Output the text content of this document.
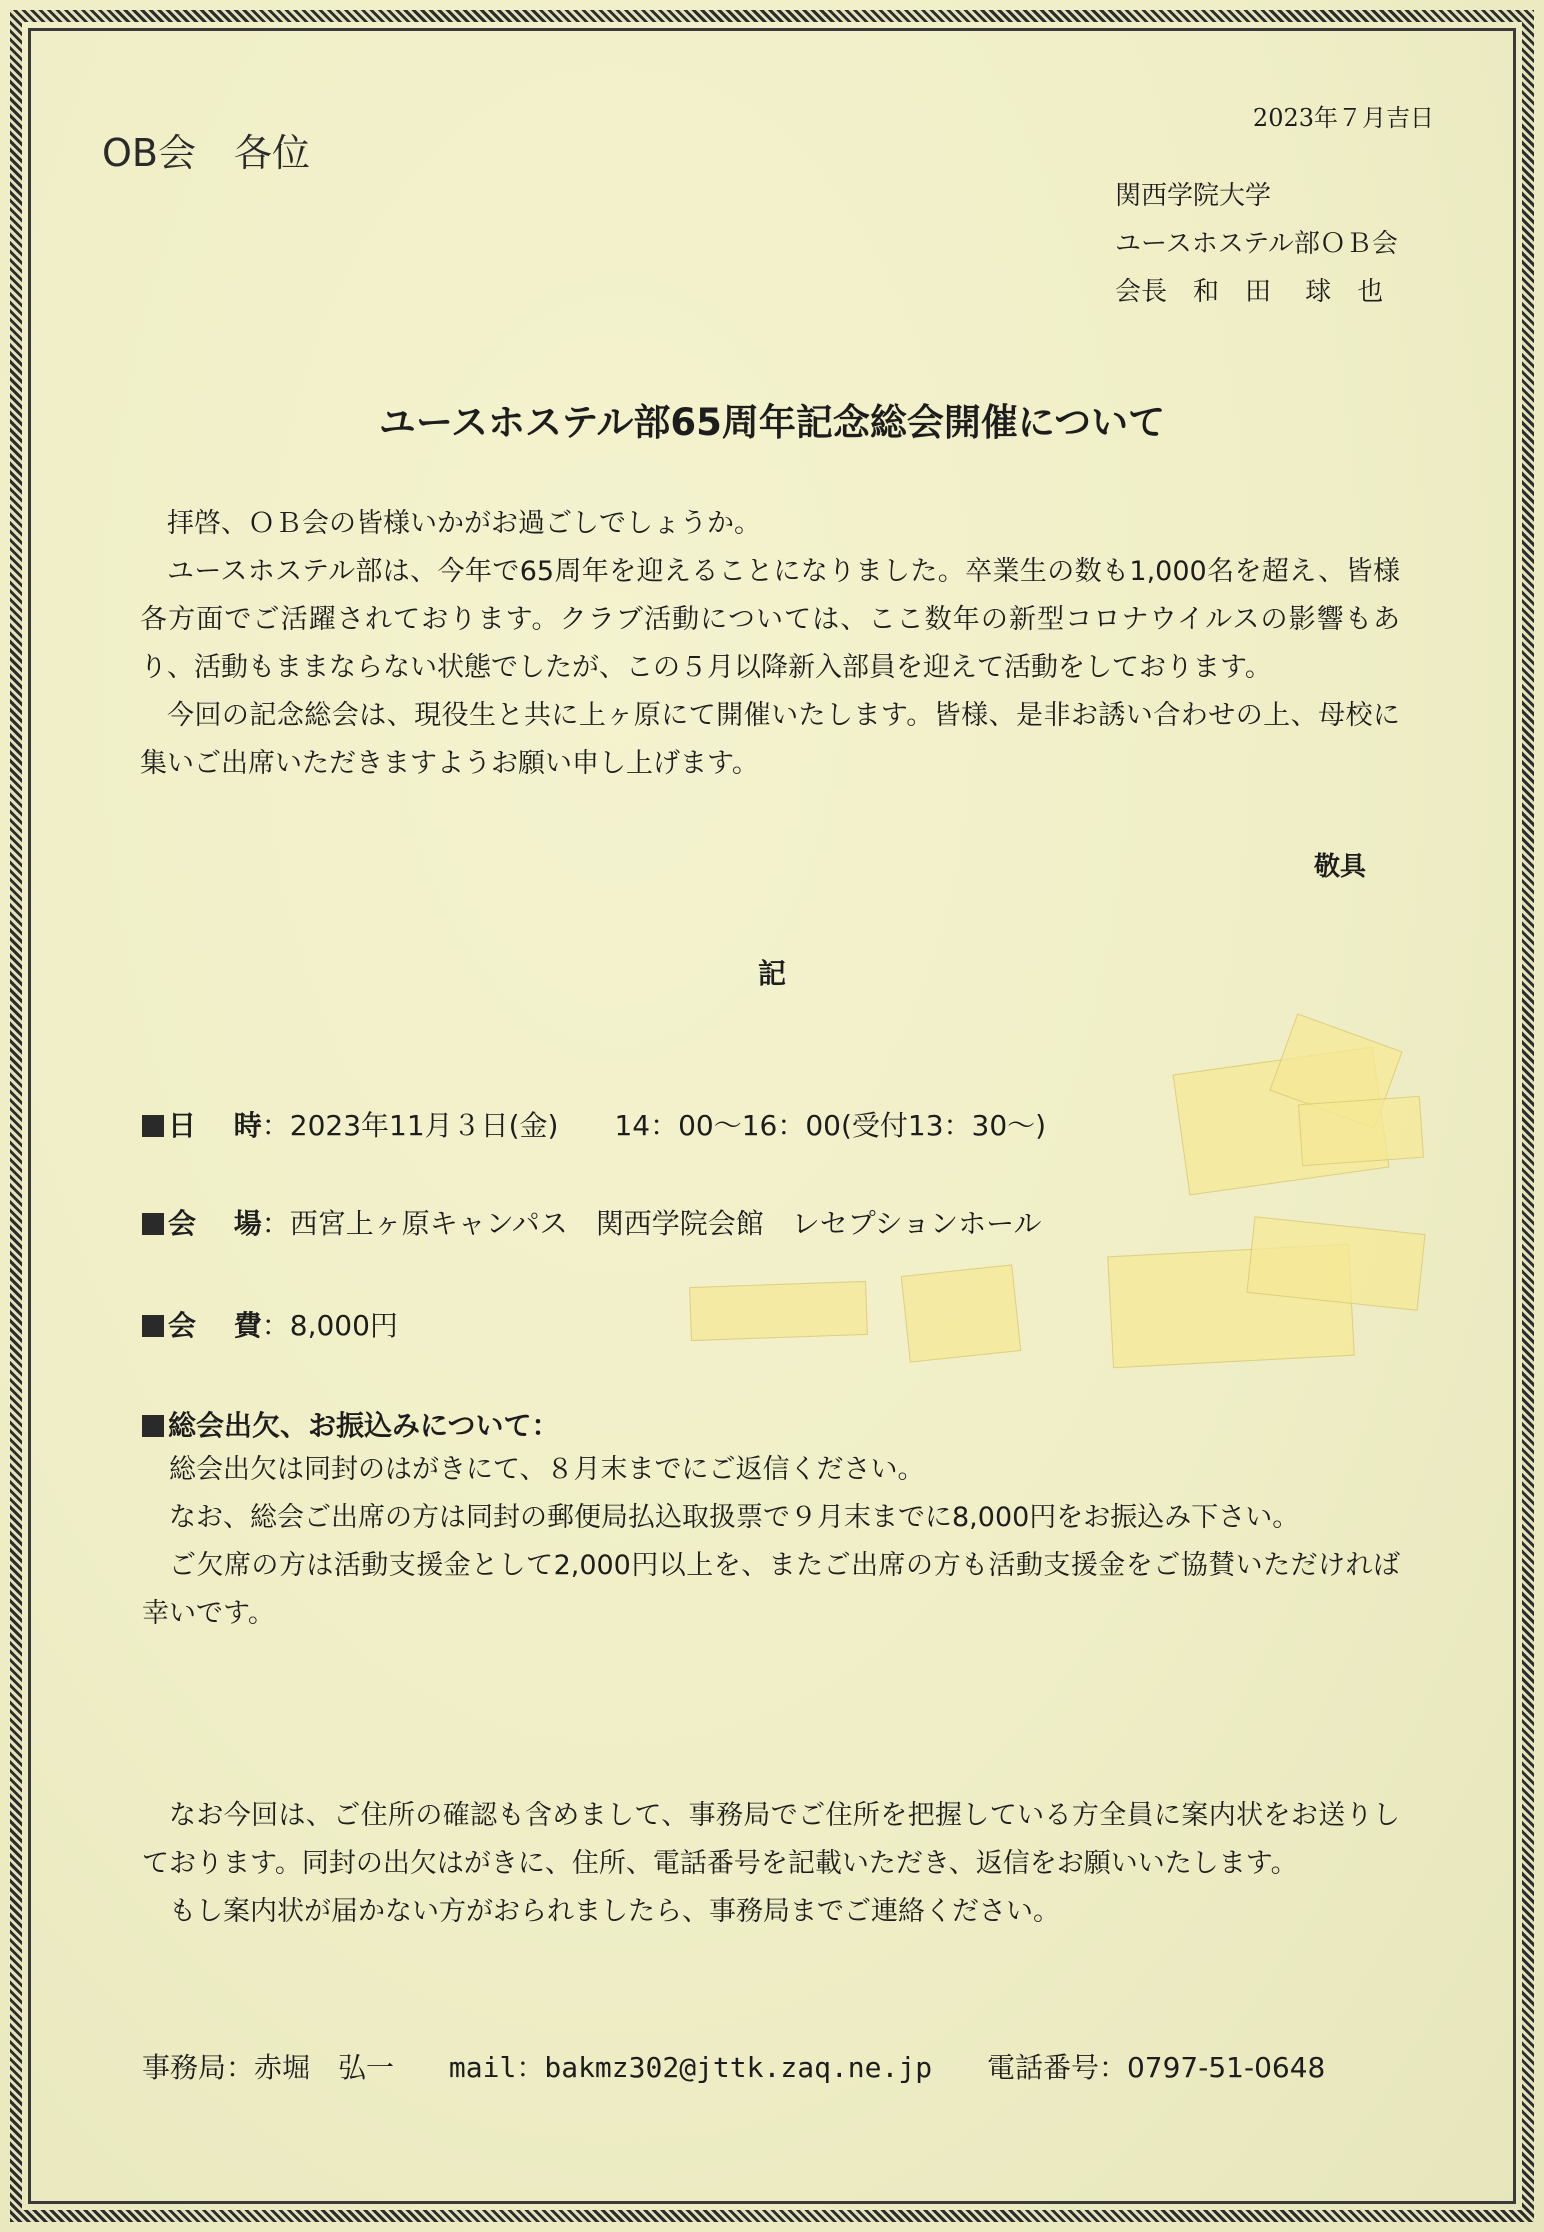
OB会　各位
2023年７月吉日
関西学院大学
ユースホステル部ＯＢ会
会長　和　田　 球　也
ユースホステル部65周年記念総会開催について

拝啓、ＯＢ会の皆様いかがお過ごしでしょうか。

ユースホステル部は、今年で65周年を迎えることになりました。卒業生の数も1,000名を超え、皆様各方面でご活躍されております。クラブ活動については、ここ数年の新型コロナウイルスの影響もあり、活動もままならない状態でしたが、この５月以降新入部員を迎えて活動をしております。

今回の記念総会は、現役生と共に上ヶ原にて開催いたします。皆様、是非お誘い合わせの上、母校に集いご出席いただきますようお願い申し上げます。

敬具
記
日　 時：2023年11月３日(金)　　14：00～16：00(受付13：30～)
会　 場：西宮上ヶ原キャンパス　関西学院会館　レセプションホール
会　 費：8,000円
総会出欠、お振込みについて：

総会出欠は同封のはがきにて、８月末までにご返信ください。

なお、総会ご出席の方は同封の郵便局払込取扱票で９月末までに8,000円をお振込み下さい。

ご欠席の方は活動支援金として2,000円以上を、またご出席の方も活動支援金をご協賛いただければ幸いです。

なお今回は、ご住所の確認も含めまして、事務局でご住所を把握している方全員に案内状をお送りしております。同封の出欠はがきに、住所、電話番号を記載いただき、返信をお願いいたします。

もし案内状が届かない方がおられましたら、事務局までご連絡ください。

事務局：赤堀　弘一 mail：bakmz302@jttk.zaq.ne.jp 電話番号：0797-51-0648
